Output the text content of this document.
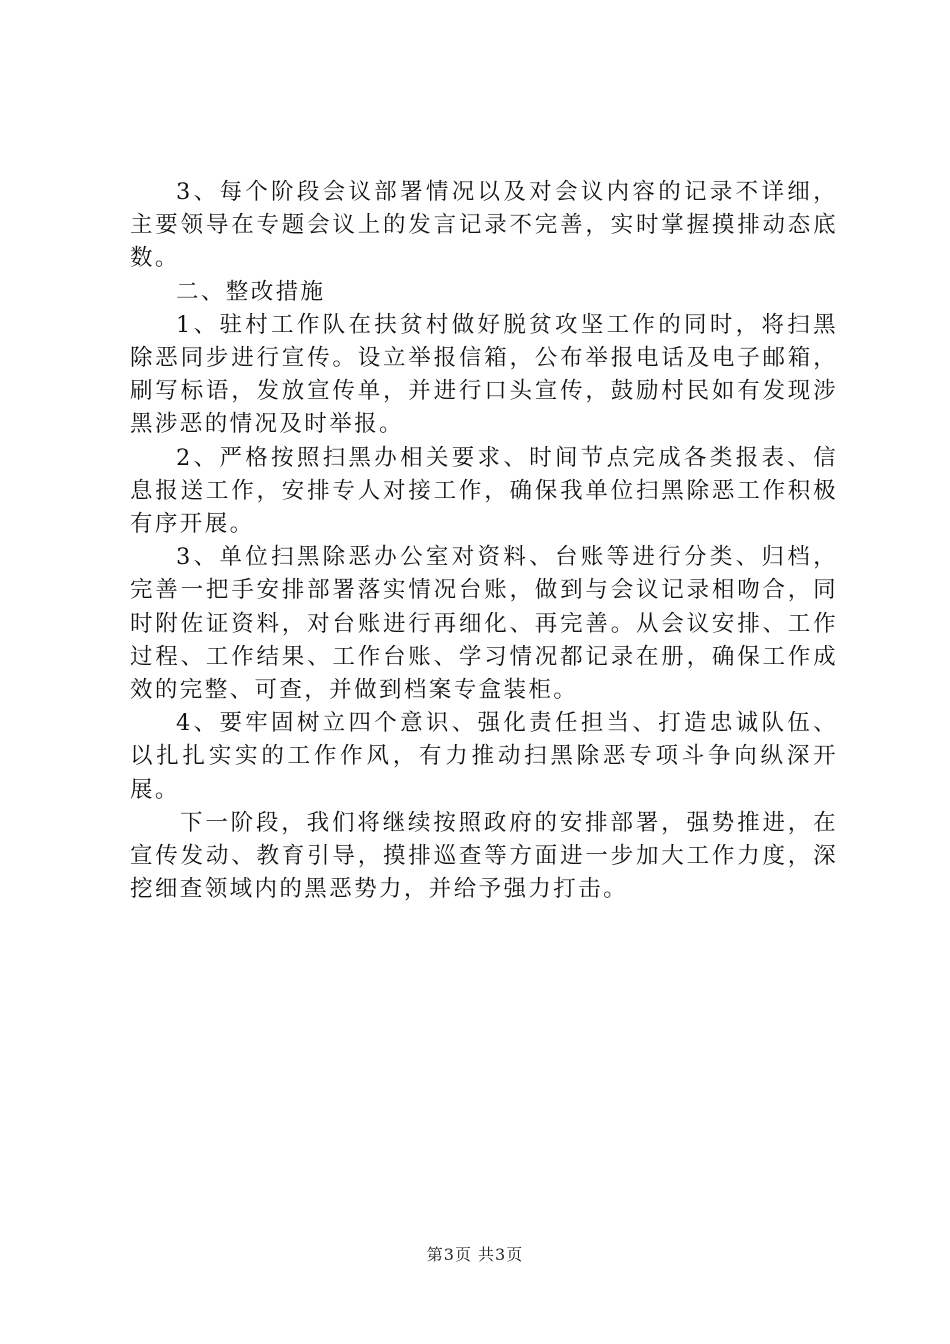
3、每个阶段会议部署情况以及对会议内容的记录不详细，主要领导在专题会议上的发言记录不完善，实时掌握摸排动态底数。

二、整改措施

1、驻村工作队在扶贫村做好脱贫攻坚工作的同时，将扫黑除恶同步进行宣传。设立举报信箱，公布举报电话及电子邮箱，刷写标语，发放宣传单，并进行口头宣传，鼓励村民如有发现涉黑涉恶的情况及时举报。

2、严格按照扫黑办相关要求、时间节点完成各类报表、信息报送工作，安排专人对接工作，确保我单位扫黑除恶工作积极有序开展。

3、单位扫黑除恶办公室对资料、台账等进行分类、归档，完善一把手安排部署落实情况台账，做到与会议记录相吻合，同时附佐证资料，对台账进行再细化、再完善。从会议安排、工作过程、工作结果、工作台账、学习情况都记录在册，确保工作成效的完整、可查，并做到档案专盒装柜。

4、要牢固树立四个意识、强化责任担当、打造忠诚队伍、以扎扎实实的工作作风，有力推动扫黑除恶专项斗争向纵深开展。

下一阶段，我们将继续按照政府的安排部署，强势推进，在宣传发动、教育引导，摸排巡查等方面进一步加大工作力度，深挖细查领域内的黑恶势力，并给予强力打击。

第3页 共3页
